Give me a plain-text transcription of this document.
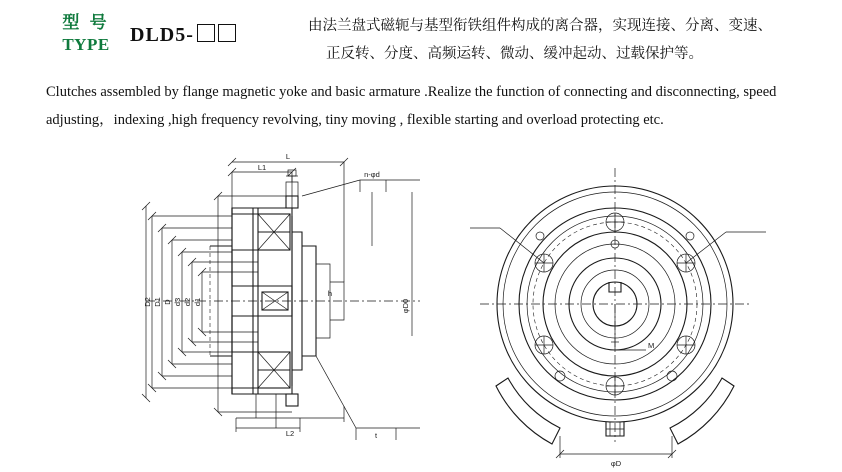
型 号
TYPE	DLD5-	由法兰盘式磁轭与基型衔铁组件构成的离合器，实现连接、分离、变速、
正反转、分度、高频运转、微动、缓冲起动、过载保护等。
Clutches assembled by flange magnetic yoke and basic armature .Realize the function of connecting and disconnecting, speed adjusting，indexing ,high frequency revolving, tiny moving , flexible starting and overload protecting etc.
D2 D1 D d3 d2 d1
L1
L
n-φd
φD0
L2	t
h
M
φD
